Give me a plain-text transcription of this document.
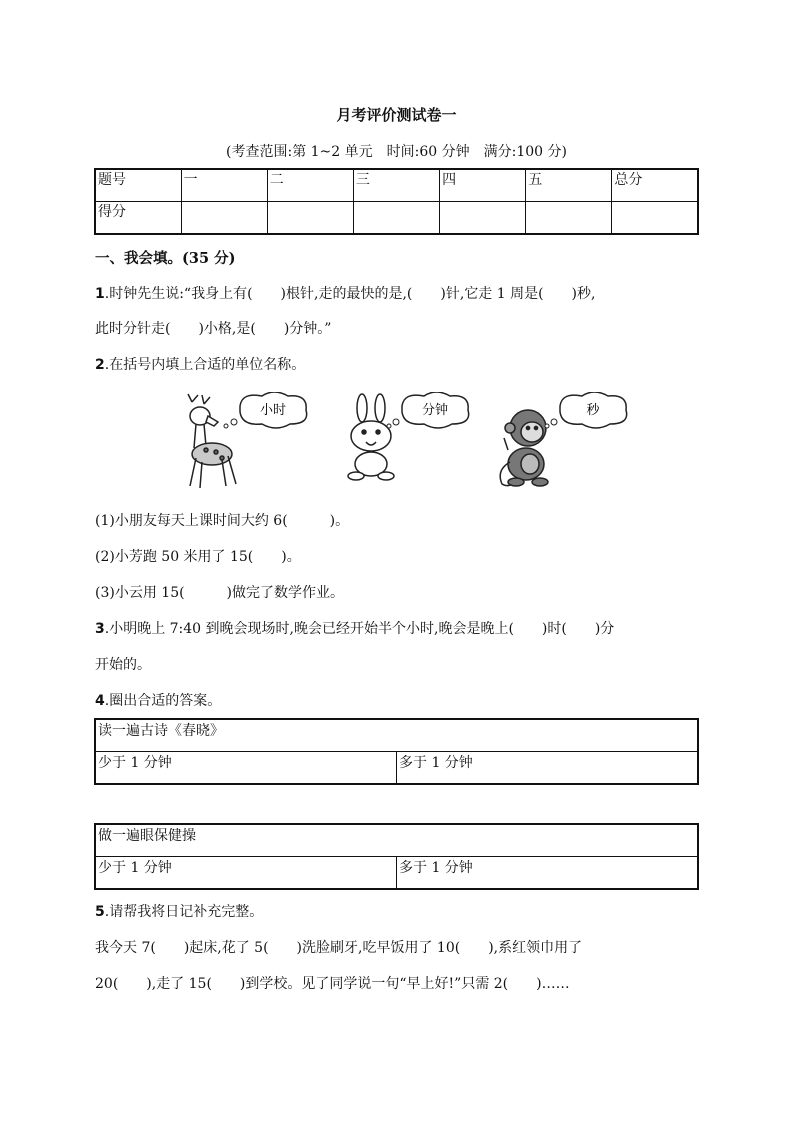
月考评价测试卷一
(考查范围:第 1~2 单元　时间:60 分钟　满分:100 分)
题号	一	二	三	四	五	总分
得分						
一、我会填。(35 分)
1.时钟先生说:“我身上有(　　)根针,走的最快的是,(　　)针,它走 1 周是(　　)秒,
此时分针走(　　)小格,是(　　)分钟。”
2.在括号内填上合适的单位名称。
小时	分钟	秒
(1)小朋友每天上课时间大约 6(　　　)。
(2)小芳跑 50 米用了 15(　　)。
(3)小云用 15(　　　)做完了数学作业。
3.小明晚上 7:40 到晚会现场时,晚会已经开始半个小时,晚会是晚上(　　)时(　　)分
开始的。
4.圈出合适的答案。
读一遍古诗《春晓》
少于 1 分钟	多于 1 分钟
做一遍眼保健操
少于 1 分钟	多于 1 分钟
5.请帮我将日记补充完整。
我今天 7(　　)起床,花了 5(　　)洗脸刷牙,吃早饭用了 10(　　),系红领巾用了
20(　　),走了 15(　　)到学校。见了同学说一句“早上好!”只需 2(　　)……
